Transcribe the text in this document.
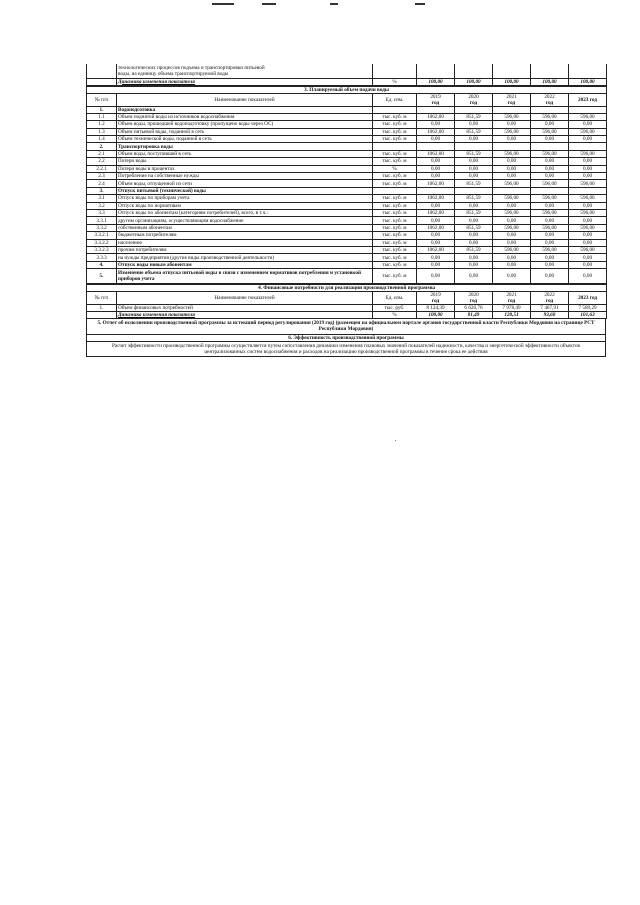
	технологических процессов подъема и транспортировки питьевой						
	воды, на единицу объема транспортируемой воды						
	Динамика изменения показателя	%	100,00	100,00	100,00	100,00	100,00
3. Планируемый объем подачи воды							
№ п/п	Наименование показателей	Ед. изм.	2019	2020	2021	2022	2023 год
			год	год	год	год	
1.	Водоподготовка						
1.1	Объем поднятой воды из источников водоснабжения	тыс. куб. м	1062,00	851,59	596,00	596,00	596,00
1.2	Объем воды, прошедшей водоподготовку (пропущено воды через ОС)	тыс. куб. м	0,00	0,00	0,00	0,00	0,00
1.3	Объем питьевой воды, поданной в сеть	тыс. куб. м	1062,00	851,59	596,00	596,00	596,00
1.4	Объем технической воды, поданной в сеть	тыс. куб. м	0,00	0,00	0,00	0,00	0,00
2.	Транспортировка воды						
2.1	Объем воды, поступившей в сеть	тыс. куб. м	1062,00	851,59	596,00	596,00	596,00
2.2	Потери воды	тыс. куб. м	0,00	0,00	0,00	0,00	0,00
2.2.1	Потери воды в процентах	%	0,00	0,00	0,00	0,00	0,00
2.3	Потребление на собственные нужды	тыс. куб. м	0,00	0,00	0,00	0,00	0,00
2.4	Объем воды, отпущенной из сети	тыс. куб. м	1062,00	851,59	596,00	596,00	596,00
3.	Отпуск питьевой (технической) воды						
3.1	Отпуск воды по приборам учета	тыс. куб. м	1062,00	851,59	596,00	596,00	596,00
3.2	Отпуск воды по нормативам	тыс. куб. м	0,00	0,00	0,00	0,00	0,00
3.3	Отпуск воды по абонентам (категориям потребителей), всего, в т.ч.:	тыс. куб. м	1062,00	851,59	596,00	596,00	596,00
3.3.1	другим организациям, осуществляющим водоснабжение	тыс. куб. м	0,00	0,00	0,00	0,00	0,00
3.3.2	собственным абонентам	тыс. куб. м	1062,00	851,59	596,00	596,00	596,00
3.3.2.1	бюджетным потребителям	тыс. куб. м	0,00	0,00	0,00	0,00	0,00
3.3.2.2	населению	тыс. куб. м	0,00	0,00	0,00	0,00	0,00
3.3.2.3	прочим потребителям	тыс. куб. м	1062,00	851,59	596,00	596,00	596,00
3.3.3	на нужды предприятия (другие виды производственной деятельности)	тыс. куб. м	0,00	0,00	0,00	0,00	0,00
4.	Отпуск воды новым абонентам	тыс. куб. м	0,00	0,00	0,00	0,00	0,00
5.	Изменение объема отпуска питьевой воды в связи с изменением нормативов потребления и установкой приборов учета	тыс. куб. м	0,00	0,00	0,00	0,00	0,00
4. Финансовые потребности для реализации производственной программы							
№ п/п	Наименование показателей	Ед. изм.	2019	2020	2021	2022	2023 год
			год	год	год	год	
1.	Объем финансовых потребностей	тыс. руб.	8 124,39	6 620,76	7 978,49	7 467,91	7 589,29
	Динамика изменения показателя	%	100,00	81,49	120,51	93,60	101,63
5. Отчет об исполнении производственной программы за истекший период регулирования (2019 год) (размещен на официальном портале органов государственной власти Республики Мордовия на странице РСТ Республики Мордовия)
6. Эффективность производственной программы
Расчет эффективности производственной программы осуществляется путем сопоставления динамики изменения плановых значений показателей надежности, качества и энергетической эффективности объектов централизованных систем водоснабжения и расходов на реализацию производственной программы в течение срока ее действия
